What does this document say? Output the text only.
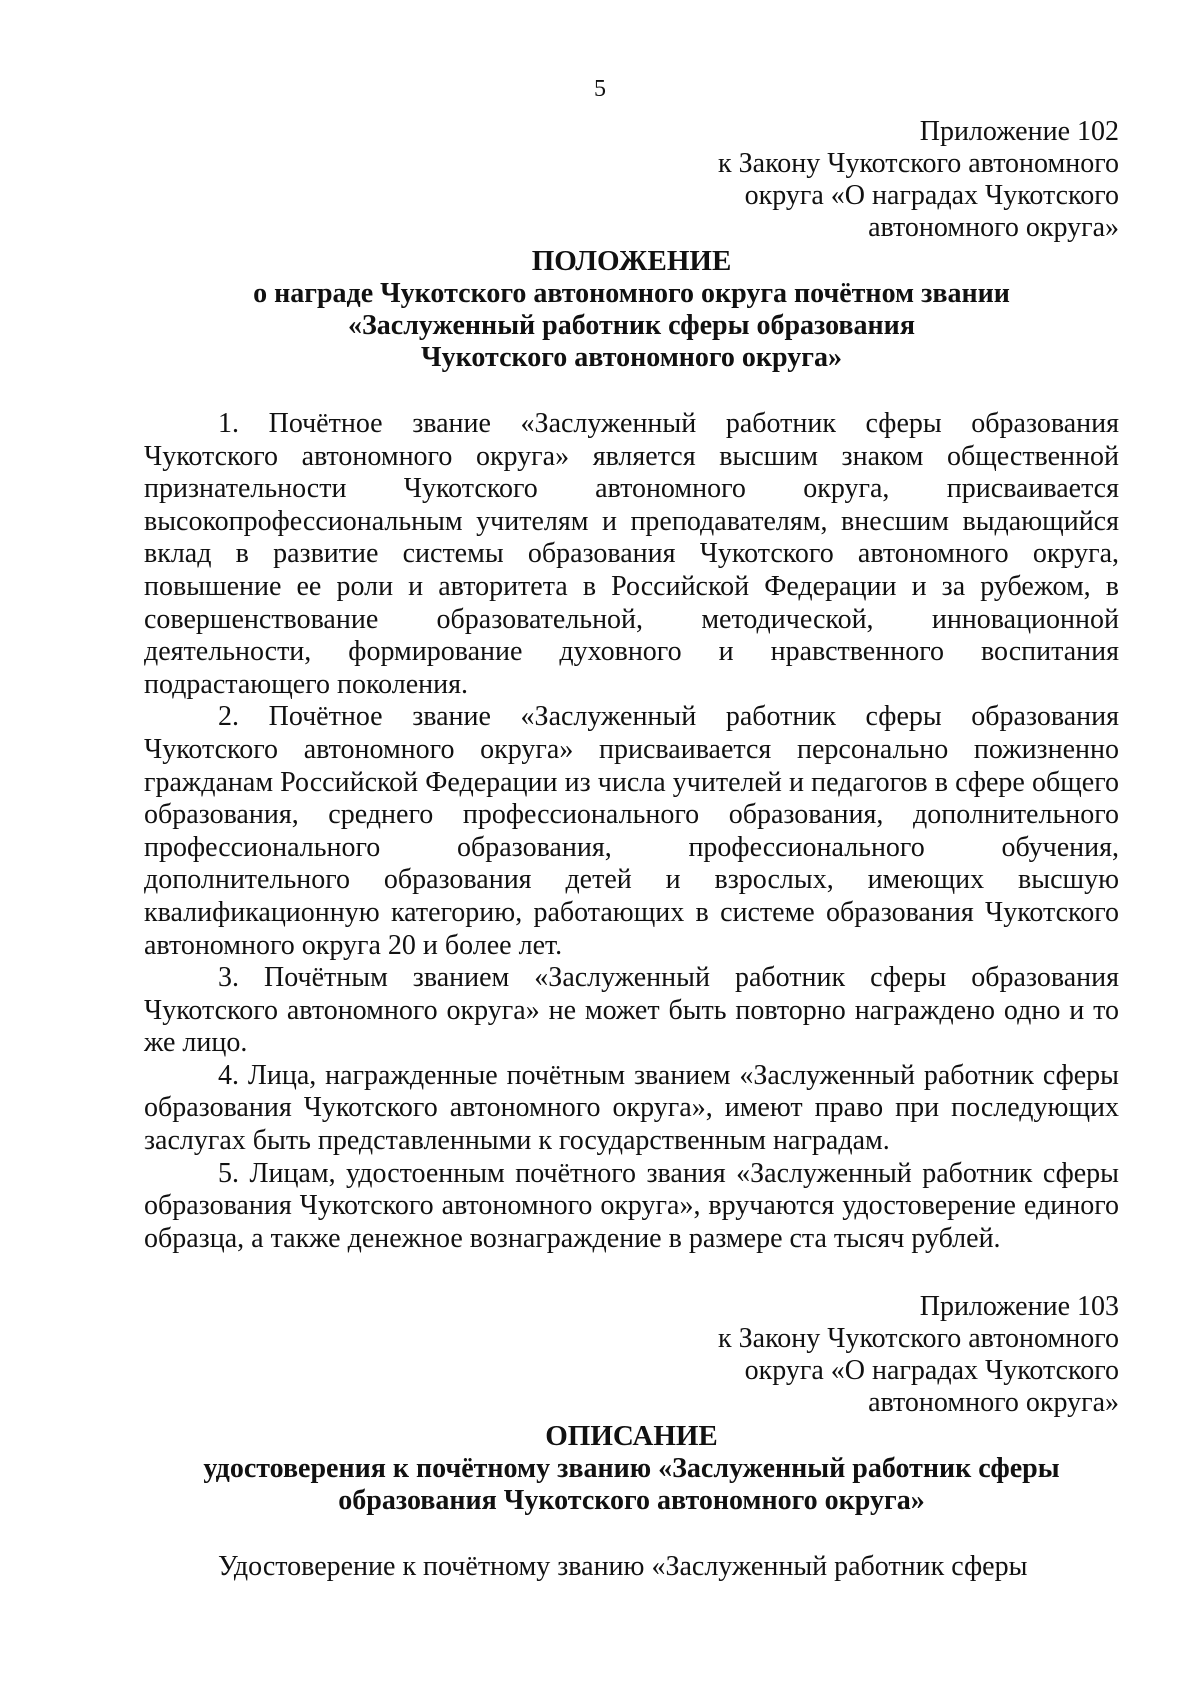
5
Приложение 102
к Закону Чукотского автономного
округа «О наградах Чукотского
автономного округа»
ПОЛОЖЕНИЕ
о награде Чукотского автономного округа почётном звании
«Заслуженный работник сферы образования
Чукотского автономного округа»

1. Почётное звание «Заслуженный работник сферы образования Чукотского автономного округа» является высшим знаком общественной признательности Чукотского автономного округа, присваивается высокопрофессиональным учителям и преподавателям, внесшим выдающийся вклад в развитие системы образования Чукотского автономного округа, повышение ее роли и авторитета в Российской Федерации и за рубежом, в совершенствование образовательной, методической, инновационной деятельности, формирование духовного и нравственного воспитания подрастающего поколения.

2. Почётное звание «Заслуженный работник сферы образования Чукотского автономного округа» присваивается персонально пожизненно гражданам Российской Федерации из числа учителей и педагогов в сфере общего образования, среднего профессионального образования, дополнительного профессионального образования, профессионального обучения, дополнительного образования детей и взрослых, имеющих высшую квалификационную категорию, работающих в системе образования Чукотского автономного округа 20 и более лет.

3. Почётным званием «Заслуженный работник сферы образования Чукотского автономного округа» не может быть повторно награждено одно и то же лицо.

4. Лица, награжденные почётным званием «Заслуженный работник сферы образования Чукотского автономного округа», имеют право при последующих заслугах быть представленными к государственным наградам.

5. Лицам, удостоенным почётного звания «Заслуженный работник сферы образования Чукотского автономного округа», вручаются удостоверение единого образца, а также денежное вознаграждение в размере ста тысяч рублей.

Приложение 103
к Закону Чукотского автономного
округа «О наградах Чукотского
автономного округа»
ОПИСАНИЕ
удостоверения к почётному званию «Заслуженный работник сферы
образования Чукотского автономного округа»

Удостоверение к почётному званию «Заслуженный работник сферы
